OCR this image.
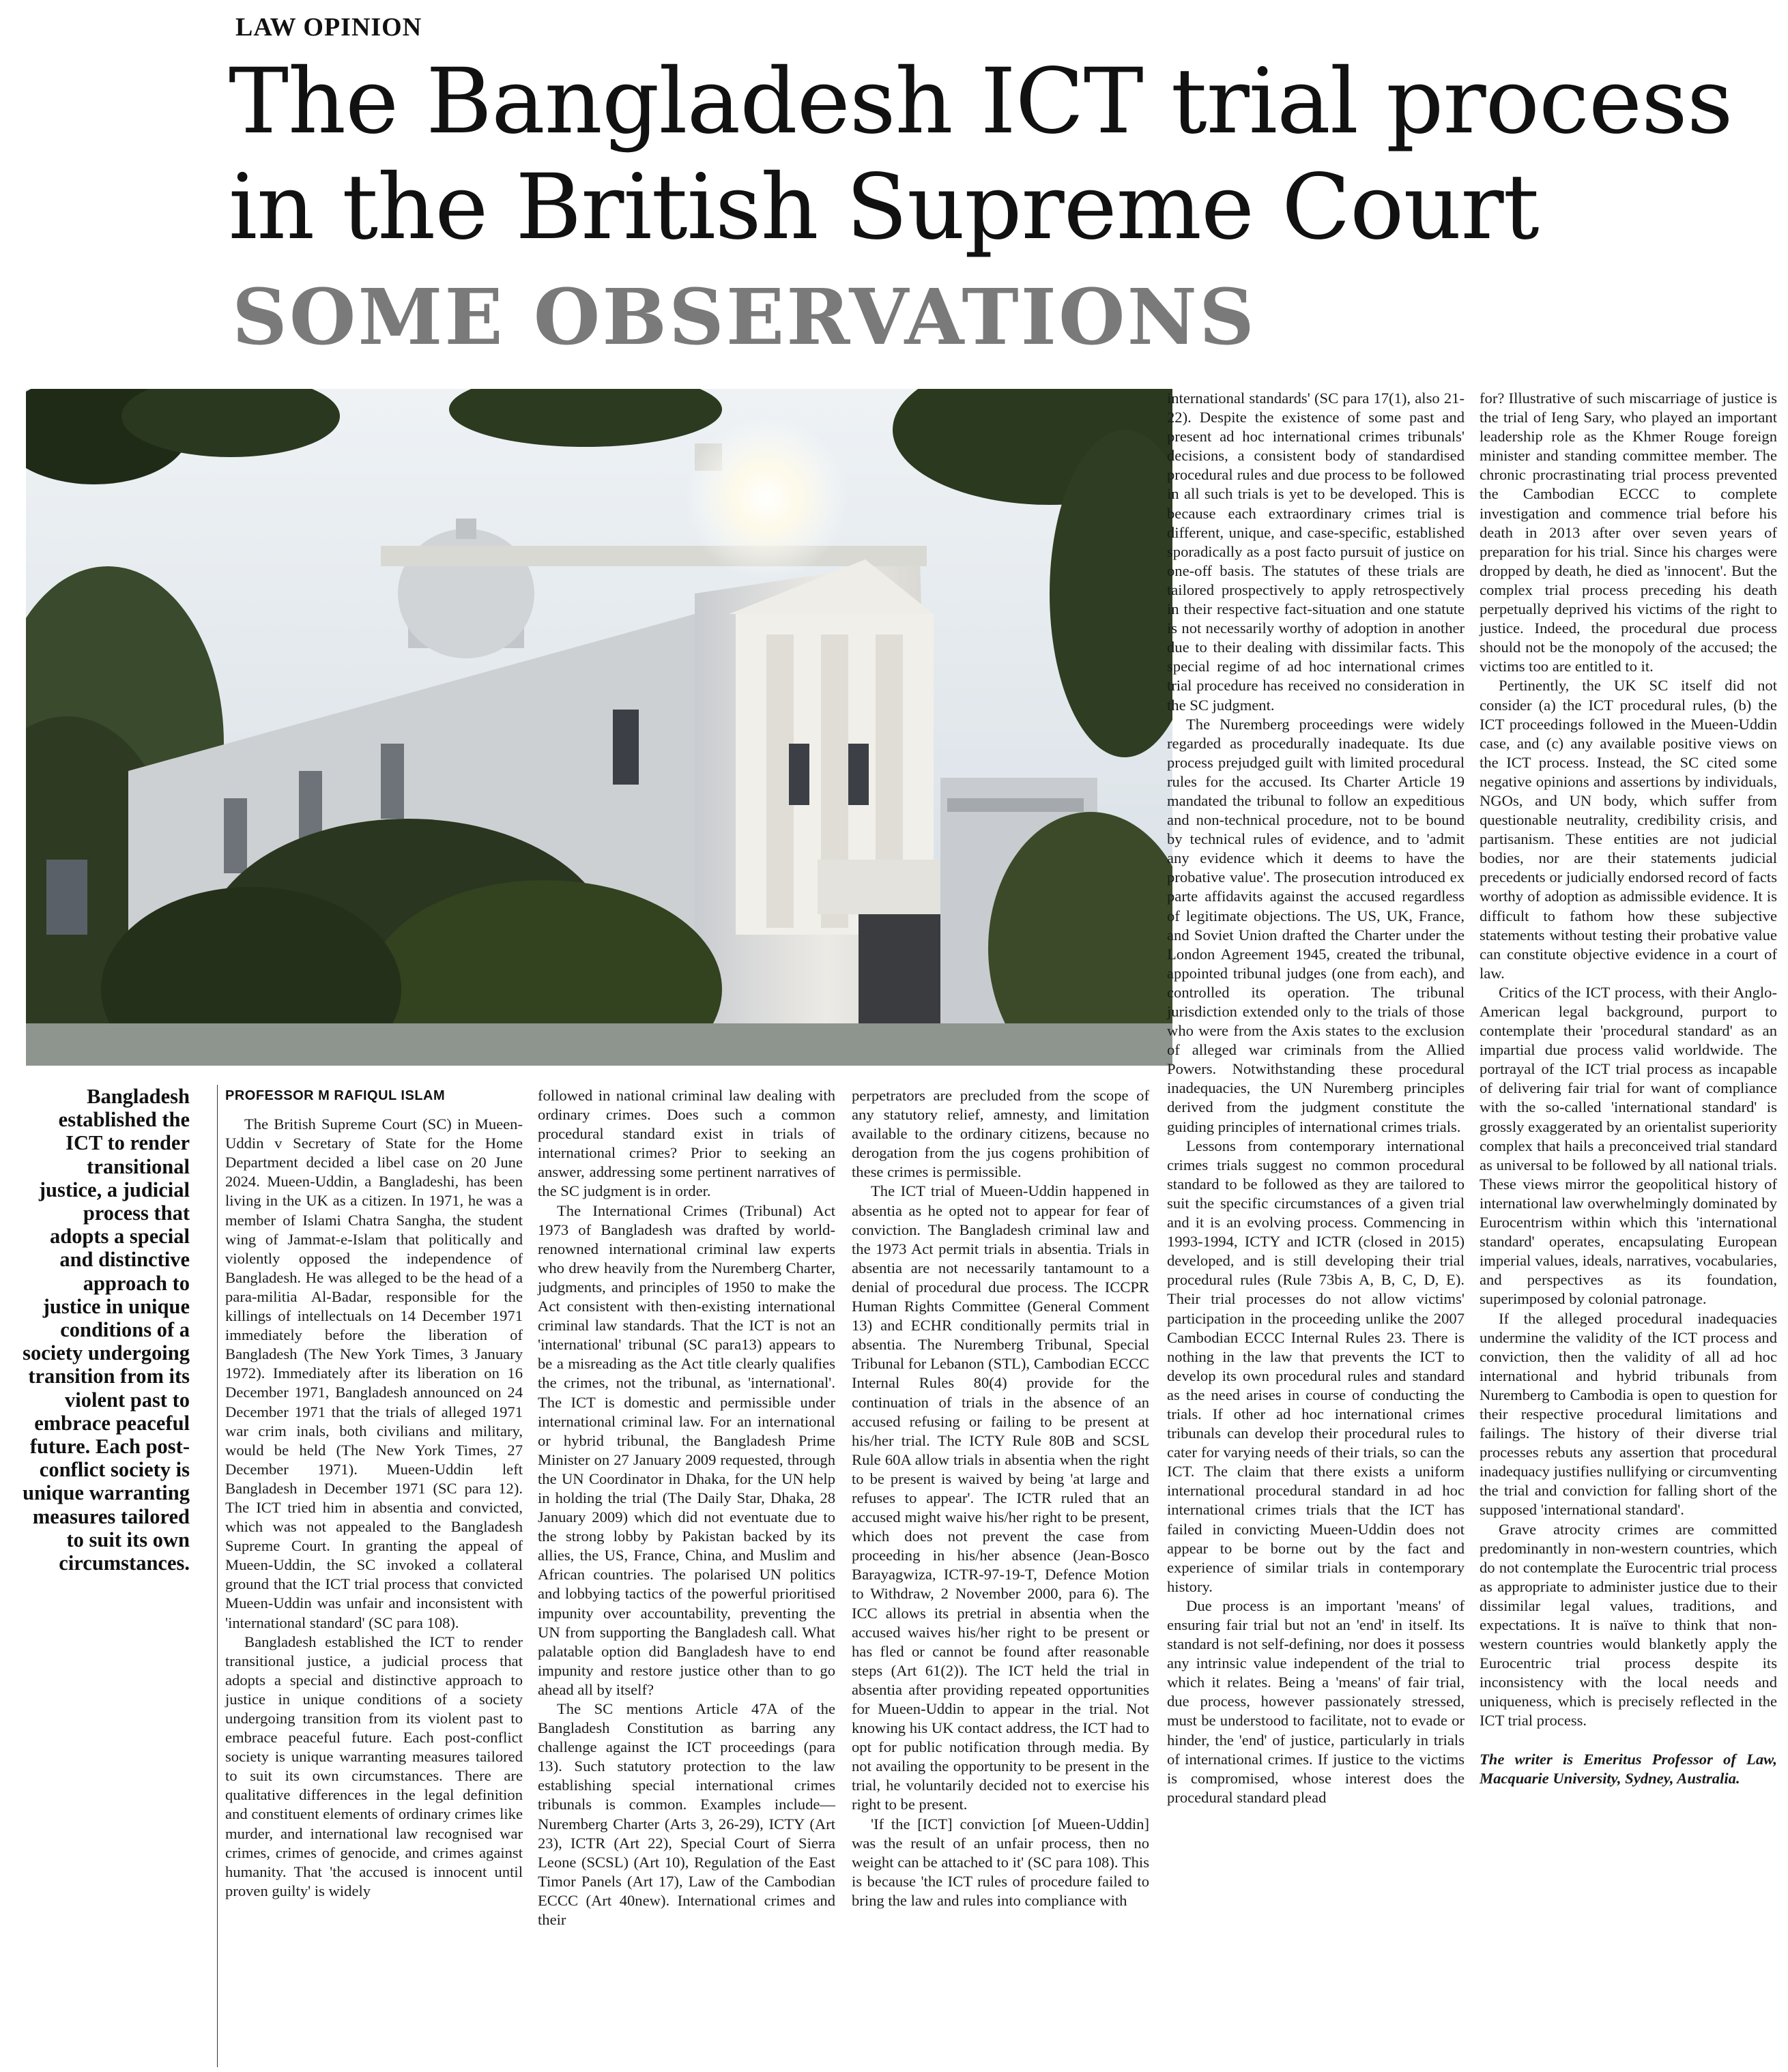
LAW OPINION
The Bangladesh ICT trial process in the British Supreme Court
SOME OBSERVATIONS
Bangladesh established the ICT to render transitional justice, a judicial process that adopts a special and distinctive approach to justice in unique conditions of a society undergoing transition from its violent past to embrace peaceful future. Each post-conflict society is unique warranting measures tailored to suit its own circumstances.
PROFESSOR M RAFIQUL ISLAM

The British Supreme Court (SC) in Mueen-Uddin v Secretary of State for the Home Department decided a libel case on 20 June 2024. Mueen-Uddin, a Bangladeshi, has been living in the UK as a citizen. In 1971, he was a member of Islami Chatra Sangha, the student wing of Jammat-e-Islam that politically and violently opposed the independence of Bangladesh. He was alleged to be the head of a para-militia Al-Badar, responsible for the killings of intellectuals on 14 December 1971 immediately before the liberation of Bangladesh (The New York Times, 3 January 1972). Immediately after its liberation on 16 December 1971, Bangladesh announced on 24 December 1971 that the trials of alleged 1971 war crim inals, both civilians and military, would be held (The New York Times, 27 December 1971). Mueen-Uddin left Bangladesh in December 1971 (SC para 12). The ICT tried him in absentia and convicted, which was not appealed to the Bangladesh Supreme Court. In granting the appeal of Mueen-Uddin, the SC invoked a collateral ground that the ICT trial process that convicted Mueen-Uddin was unfair and inconsistent with 'international standard' (SC para 108).

Bangladesh established the ICT to render transitional justice, a judicial process that adopts a special and distinctive approach to justice in unique conditions of a society undergoing transition from its violent past to embrace peaceful future. Each post-conflict society is unique warranting measures tailored to suit its own circumstances. There are qualitative differences in the legal definition and constituent elements of ordinary crimes like murder, and international law recognised war crimes, crimes of genocide, and crimes against humanity. That 'the accused is innocent until proven guilty' is widely

followed in national criminal law dealing with ordinary crimes. Does such a common procedural standard exist in trials of international crimes? Prior to seeking an answer, addressing some pertinent narratives of the SC judgment is in order.

The International Crimes (Tribunal) Act 1973 of Bangladesh was drafted by world-renowned international criminal law experts who drew heavily from the Nuremberg Charter, judgments, and principles of 1950 to make the Act consistent with then-existing international criminal law standards. That the ICT is not an 'international' tribunal (SC para13) appears to be a misreading as the Act title clearly qualifies the crimes, not the tribunal, as 'international'. The ICT is domestic and permissible under international criminal law. For an international or hybrid tribunal, the Bangladesh Prime Minister on 27 January 2009 requested, through the UN Coordinator in Dhaka, for the UN help in holding the trial (The Daily Star, Dhaka, 28 January 2009) which did not eventuate due to the strong lobby by Pakistan backed by its allies, the US, France, China, and Muslim and African countries. The polarised UN politics and lobbying tactics of the powerful prioritised impunity over accountability, preventing the UN from supporting the Bangladesh call. What palatable option did Bangladesh have to end impunity and restore justice other than to go ahead all by itself?

The SC mentions Article 47A of the Bangladesh Constitution as barring any challenge against the ICT proceedings (para 13). Such statutory protection to the law establishing special international crimes tribunals is common. Examples include—Nuremberg Charter (Arts 3, 26-29), ICTY (Art 23), ICTR (Art 22), Special Court of Sierra Leone (SCSL) (Art 10), Regulation of the East Timor Panels (Art 17), Law of the Cambodian ECCC (Art 40new). International crimes and their

perpetrators are precluded from the scope of any statutory relief, amnesty, and limitation available to the ordinary citizens, because no derogation from the jus cogens prohibition of these crimes is permissible.

The ICT trial of Mueen-Uddin happened in absentia as he opted not to appear for fear of conviction. The Bangladesh criminal law and the 1973 Act permit trials in absentia. Trials in absentia are not necessarily tantamount to a denial of procedural due process. The ICCPR Human Rights Committee (General Comment 13) and ECHR conditionally permits trial in absentia. The Nuremberg Tribunal, Special Tribunal for Lebanon (STL), Cambodian ECCC Internal Rules 80(4) provide for the continuation of trials in the absence of an accused refusing or failing to be present at his/her trial. The ICTY Rule 80B and SCSL Rule 60A allow trials in absentia when the right to be present is waived by being 'at large and refuses to appear'. The ICTR ruled that an accused might waive his/her right to be present, which does not prevent the case from proceeding in his/her absence (Jean-Bosco Barayagwiza, ICTR-97-19-T, Defence Motion to Withdraw, 2 November 2000, para 6). The ICC allows its pretrial in absentia when the accused waives his/her right to be present or has fled or cannot be found after reasonable steps (Art 61(2)). The ICT held the trial in absentia after providing repeated opportunities for Mueen-Uddin to appear in the trial. Not knowing his UK contact address, the ICT had to opt for public notification through media. By not availing the opportunity to be present in the trial, he voluntarily decided not to exercise his right to be present.

'If the [ICT] conviction [of Mueen-Uddin] was the result of an unfair process, then no weight can be attached to it' (SC para 108). This is because 'the ICT rules of procedure failed to bring the law and rules into compliance with

international standards' (SC para 17(1), also 21-22). Despite the existence of some past and present ad hoc international crimes tribunals' decisions, a consistent body of standardised procedural rules and due process to be followed in all such trials is yet to be developed. This is because each extraordinary crimes trial is different, unique, and case-specific, established sporadically as a post facto pursuit of justice on one-off basis. The statutes of these trials are tailored prospectively to apply retrospectively in their respective fact-situation and one statute is not necessarily worthy of adoption in another due to their dealing with dissimilar facts. This special regime of ad hoc international crimes trial procedure has received no consideration in the SC judgment.

The Nuremberg proceedings were widely regarded as procedurally inadequate. Its due process prejudged guilt with limited procedural rules for the accused. Its Charter Article 19 mandated the tribunal to follow an expeditious and non-technical procedure, not to be bound by technical rules of evidence, and to 'admit any evidence which it deems to have the probative value'. The prosecution introduced ex parte affidavits against the accused regardless of legitimate objections. The US, UK, France, and Soviet Union drafted the Charter under the London Agreement 1945, created the tribunal, appointed tribunal judges (one from each), and controlled its operation. The tribunal jurisdiction extended only to the trials of those who were from the Axis states to the exclusion of alleged war criminals from the Allied Powers. Notwithstanding these procedural inadequacies, the UN Nuremberg principles derived from the judgment constitute the guiding principles of international crimes trials.

Lessons from contemporary international crimes trials suggest no common procedural standard to be followed as they are tailored to suit the specific circumstances of a given trial and it is an evolving process. Commencing in 1993-1994, ICTY and ICTR (closed in 2015) developed, and is still developing their trial procedural rules (Rule 73bis A, B, C, D, E). Their trial processes do not allow victims' participation in the proceeding unlike the 2007 Cambodian ECCC Internal Rules 23. There is nothing in the law that prevents the ICT to develop its own procedural rules and standard as the need arises in course of conducting the trials. If other ad hoc international crimes tribunals can develop their procedural rules to cater for varying needs of their trials, so can the ICT. The claim that there exists a uniform international procedural standard in ad hoc international crimes trials that the ICT has failed in convicting Mueen-Uddin does not appear to be borne out by the fact and experience of similar trials in contemporary history.

Due process is an important 'means' of ensuring fair trial but not an 'end' in itself. Its standard is not self-defining, nor does it possess any intrinsic value independent of the trial to which it relates. Being a 'means' of fair trial, due process, however passionately stressed, must be understood to facilitate, not to evade or hinder, the 'end' of justice, particularly in trials of international crimes. If justice to the victims is compromised, whose interest does the procedural standard plead

for? Illustrative of such miscarriage of justice is the trial of Ieng Sary, who played an important leadership role as the Khmer Rouge foreign minister and standing committee member. The chronic procrastinating trial process prevented the Cambodian ECCC to complete investigation and commence trial before his death in 2013 after over seven years of preparation for his trial. Since his charges were dropped by death, he died as 'innocent'. But the complex trial process preceding his death perpetually deprived his victims of the right to justice. Indeed, the procedural due process should not be the monopoly of the accused; the victims too are entitled to it.

Pertinently, the UK SC itself did not consider (a) the ICT procedural rules, (b) the ICT proceedings followed in the Mueen-Uddin case, and (c) any available positive views on the ICT process. Instead, the SC cited some negative opinions and assertions by individuals, NGOs, and UN body, which suffer from questionable neutrality, credibility crisis, and partisanism. These entities are not judicial bodies, nor are their statements judicial precedents or judicially endorsed record of facts worthy of adoption as admissible evidence. It is difficult to fathom how these subjective statements without testing their probative value can constitute objective evidence in a court of law.

Critics of the ICT process, with their Anglo-American legal background, purport to contemplate their 'procedural standard' as an impartial due process valid worldwide. The portrayal of the ICT trial process as incapable of delivering fair trial for want of compliance with the so-called 'international standard' is grossly exaggerated by an orientalist superiority complex that hails a preconceived trial standard as universal to be followed by all national trials. These views mirror the geopolitical history of international law overwhelmingly dominated by Eurocentrism within which this 'international standard' operates, encapsulating European imperial values, ideals, narratives, vocabularies, and perspectives as its foundation, superimposed by colonial patronage.

If the alleged procedural inadequacies undermine the validity of the ICT process and conviction, then the validity of all ad hoc international and hybrid tribunals from Nuremberg to Cambodia is open to question for their respective procedural limitations and failings. The history of their diverse trial processes rebuts any assertion that procedural inadequacy justifies nullifying or circumventing the trial and conviction for falling short of the supposed 'international standard'.

Grave atrocity crimes are committed predominantly in non-western countries, which do not contemplate the Eurocentric trial process as appropriate to administer justice due to their dissimilar legal values, traditions, and expectations. It is naïve to think that non-western countries would blanketly apply the Eurocentric trial process despite its inconsistency with the local needs and uniqueness, which is precisely reflected in the ICT trial process.

The writer is Emeritus Professor of Law, Macquarie University, Sydney, Australia.
